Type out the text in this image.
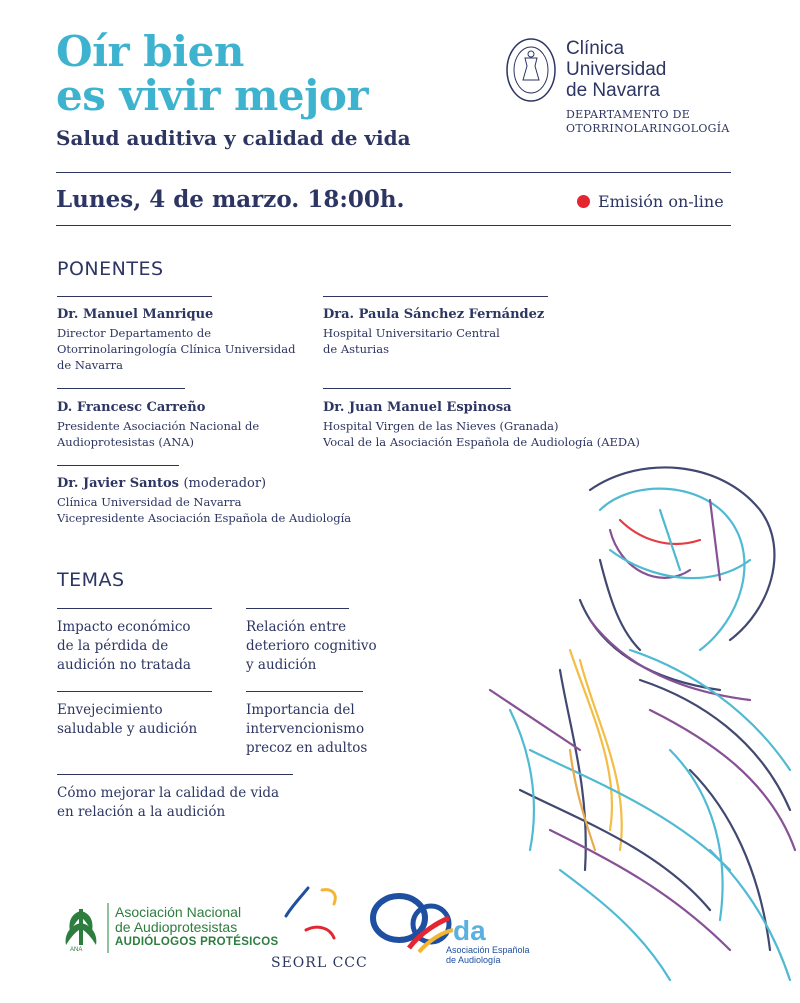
Oír bien
es vivir mejor
Salud auditiva y calidad de vida
Clínica
Universidad
de Navarra
DEPARTAMENTO DE
OTORRINOLARINGOLOGÍA
Lunes, 4 de marzo. 18:00h.	Emisión on-line
PONENTES
Dr. Manuel Manrique
Director Departamento de
Otorrinolaringología Clínica Universidad
de Navarra
Dra. Paula Sánchez Fernández
Hospital Universitario Central
de Asturias
D. Francesc Carreño
Presidente Asociación Nacional de
Audioprotesistas (ANA)
Dr. Juan Manuel Espinosa
Hospital Virgen de las Nieves (Granada)
Vocal de la Asociación Española de Audiología (AEDA)
Dr. Javier Santos (moderador)
Clínica Universidad de Navarra
Vicepresidente Asociación Española de Audiología
TEMAS
Impacto económico
de la pérdida de
audición no tratada
Relación entre
deterioro cognitivo
y audición
Envejecimiento
saludable y audición
Importancia del
intervencionismo
precoz en adultos
Cómo mejorar la calidad de vida
en relación a la audición
ANA
Asociación Nacional
de Audioprotesistas
AUDIÓLOGOS PROTÉSICOS
SEORL CCC
da
Asociación Española
de Audiología
